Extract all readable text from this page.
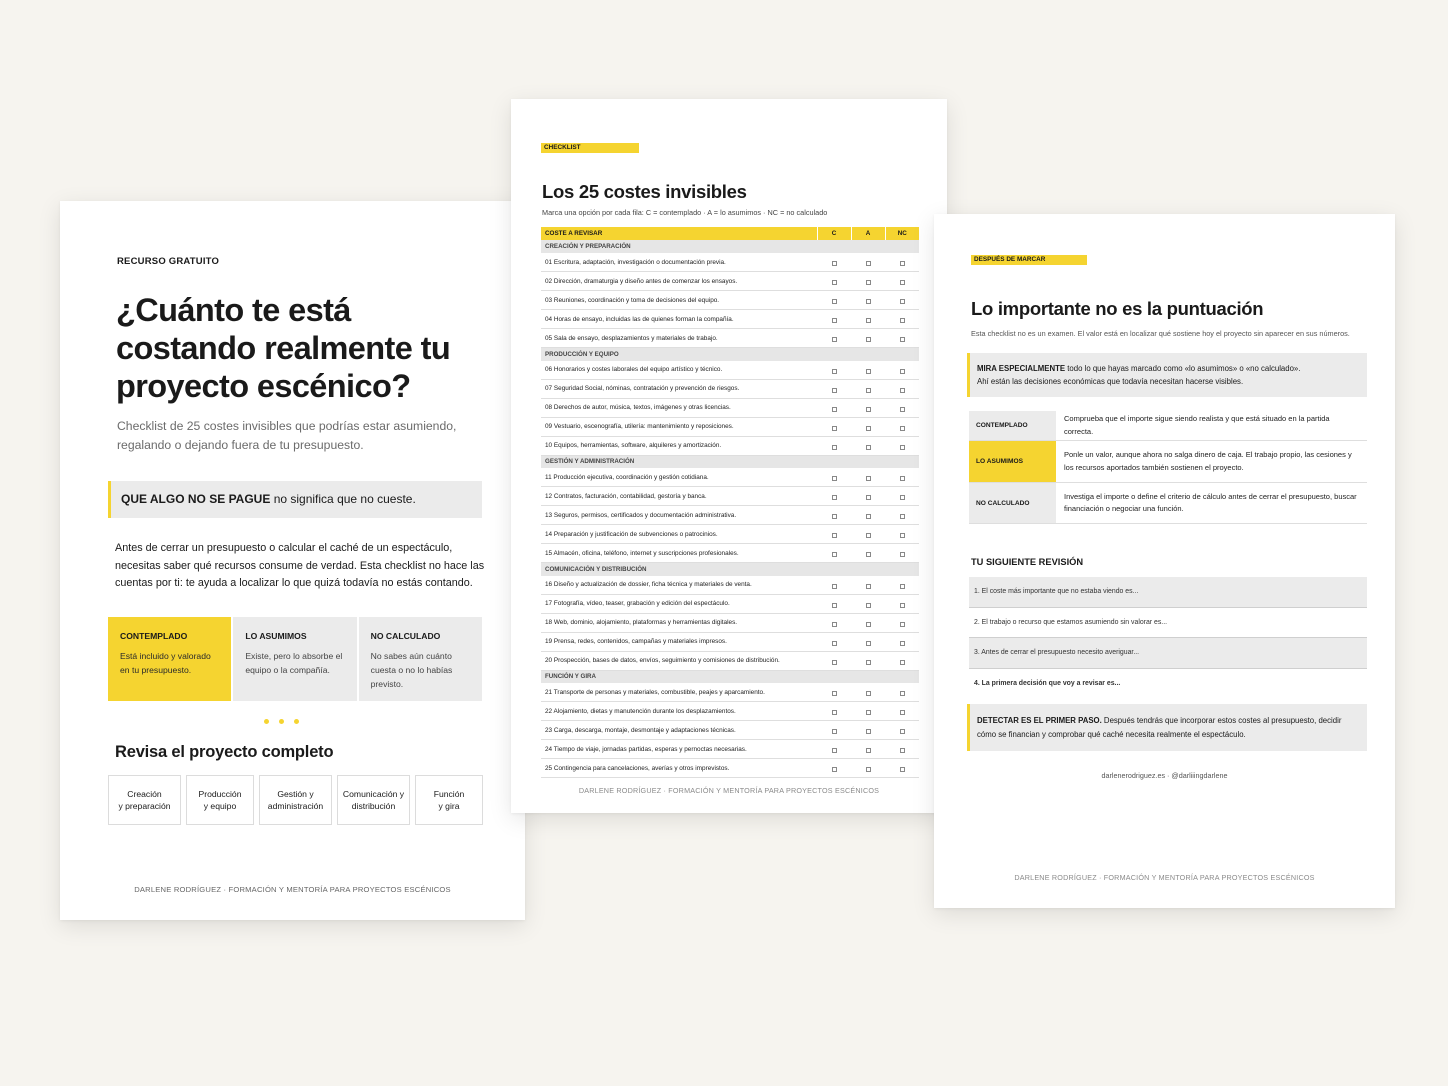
RECURSO GRATUITO
¿Cuánto te está costando realmente tu proyecto escénico?
Checklist de 25 costes invisibles que podrías estar asumiendo, regalando o dejando fuera de tu presupuesto.
QUE ALGO NO SE PAGUE no significa que no cueste.
Antes de cerrar un presupuesto o calcular el caché de un espectáculo, necesitas saber qué recursos consume de verdad. Esta checklist no hace las cuentas por ti: te ayuda a localizar lo que quizá todavía no estás contando.
CONTEMPLADO
Está incluido y valorado en tu presupuesto.
LO ASUMIMOS
Existe, pero lo absorbe el equipo o la compañía.
NO CALCULADO
No sabes aún cuánto cuesta o no lo habías previsto.
Revisa el proyecto completo
Creación
y preparación
Producción
y equipo
Gestión y
administración
Comunicación y
distribución
Función
y gira
DARLENE RODRÍGUEZ · FORMACIÓN Y MENTORÍA PARA PROYECTOS ESCÉNICOS
CHECKLIST
Los 25 costes invisibles
Marca una opción por cada fila: C = contemplado · A = lo asumimos · NC = no calculado
COSTE A REVISAR	C	A	NC
CREACIÓN Y PREPARACIÓN			
01 Escritura, adaptación, investigación o documentación previa.			
02 Dirección, dramaturgia y diseño antes de comenzar los ensayos.			
03 Reuniones, coordinación y toma de decisiones del equipo.			
04 Horas de ensayo, incluidas las de quienes forman la compañía.			
05 Sala de ensayo, desplazamientos y materiales de trabajo.			
PRODUCCIÓN Y EQUIPO			
06 Honorarios y costes laborales del equipo artístico y técnico.			
07 Seguridad Social, nóminas, contratación y prevención de riesgos.			
08 Derechos de autor, música, textos, imágenes y otras licencias.			
09 Vestuario, escenografía, utilería: mantenimiento y reposiciones.			
10 Equipos, herramientas, software, alquileres y amortización.			
GESTIÓN Y ADMINISTRACIÓN			
11 Producción ejecutiva, coordinación y gestión cotidiana.			
12 Contratos, facturación, contabilidad, gestoría y banca.			
13 Seguros, permisos, certificados y documentación administrativa.			
14 Preparación y justificación de subvenciones o patrocinios.			
15 Almacén, oficina, teléfono, internet y suscripciones profesionales.			
COMUNICACIÓN Y DISTRIBUCIÓN			
16 Diseño y actualización de dossier, ficha técnica y materiales de venta.			
17 Fotografía, vídeo, teaser, grabación y edición del espectáculo.			
18 Web, dominio, alojamiento, plataformas y herramientas digitales.			
19 Prensa, redes, contenidos, campañas y materiales impresos.			
20 Prospección, bases de datos, envíos, seguimiento y comisiones de distribución.			
FUNCIÓN Y GIRA			
21 Transporte de personas y materiales, combustible, peajes y aparcamiento.			
22 Alojamiento, dietas y manutención durante los desplazamientos.			
23 Carga, descarga, montaje, desmontaje y adaptaciones técnicas.			
24 Tiempo de viaje, jornadas partidas, esperas y pernoctas necesarias.			
25 Contingencia para cancelaciones, averías y otros imprevistos.			
DARLENE RODRÍGUEZ · FORMACIÓN Y MENTORÍA PARA PROYECTOS ESCÉNICOS
DESPUÉS DE MARCAR
Lo importante no es la puntuación
Esta checklist no es un examen. El valor está en localizar qué sostiene hoy el proyecto sin aparecer en sus números.
MIRA ESPECIALMENTE todo lo que hayas marcado como «lo asumimos» o «no calculado».
Ahí están las decisiones económicas que todavía necesitan hacerse visibles.
CONTEMPLADO
Comprueba que el importe sigue siendo realista y que está situado en la partida correcta.
LO ASUMIMOS
Ponle un valor, aunque ahora no salga dinero de caja. El trabajo propio, las cesiones y los recursos aportados también sostienen el proyecto.
NO CALCULADO
Investiga el importe o define el criterio de cálculo antes de cerrar el presupuesto, buscar financiación o negociar una función.
TU SIGUIENTE REVISIÓN
1. El coste más importante que no estaba viendo es...
2. El trabajo o recurso que estamos asumiendo sin valorar es...
3. Antes de cerrar el presupuesto necesito averiguar...
4. La primera decisión que voy a revisar es...
DETECTAR ES EL PRIMER PASO. Después tendrás que incorporar estos costes al presupuesto, decidir cómo se financian y comprobar qué caché necesita realmente el espectáculo.
darlenerodriguez.es · @darliiingdarlene
DARLENE RODRÍGUEZ · FORMACIÓN Y MENTORÍA PARA PROYECTOS ESCÉNICOS
